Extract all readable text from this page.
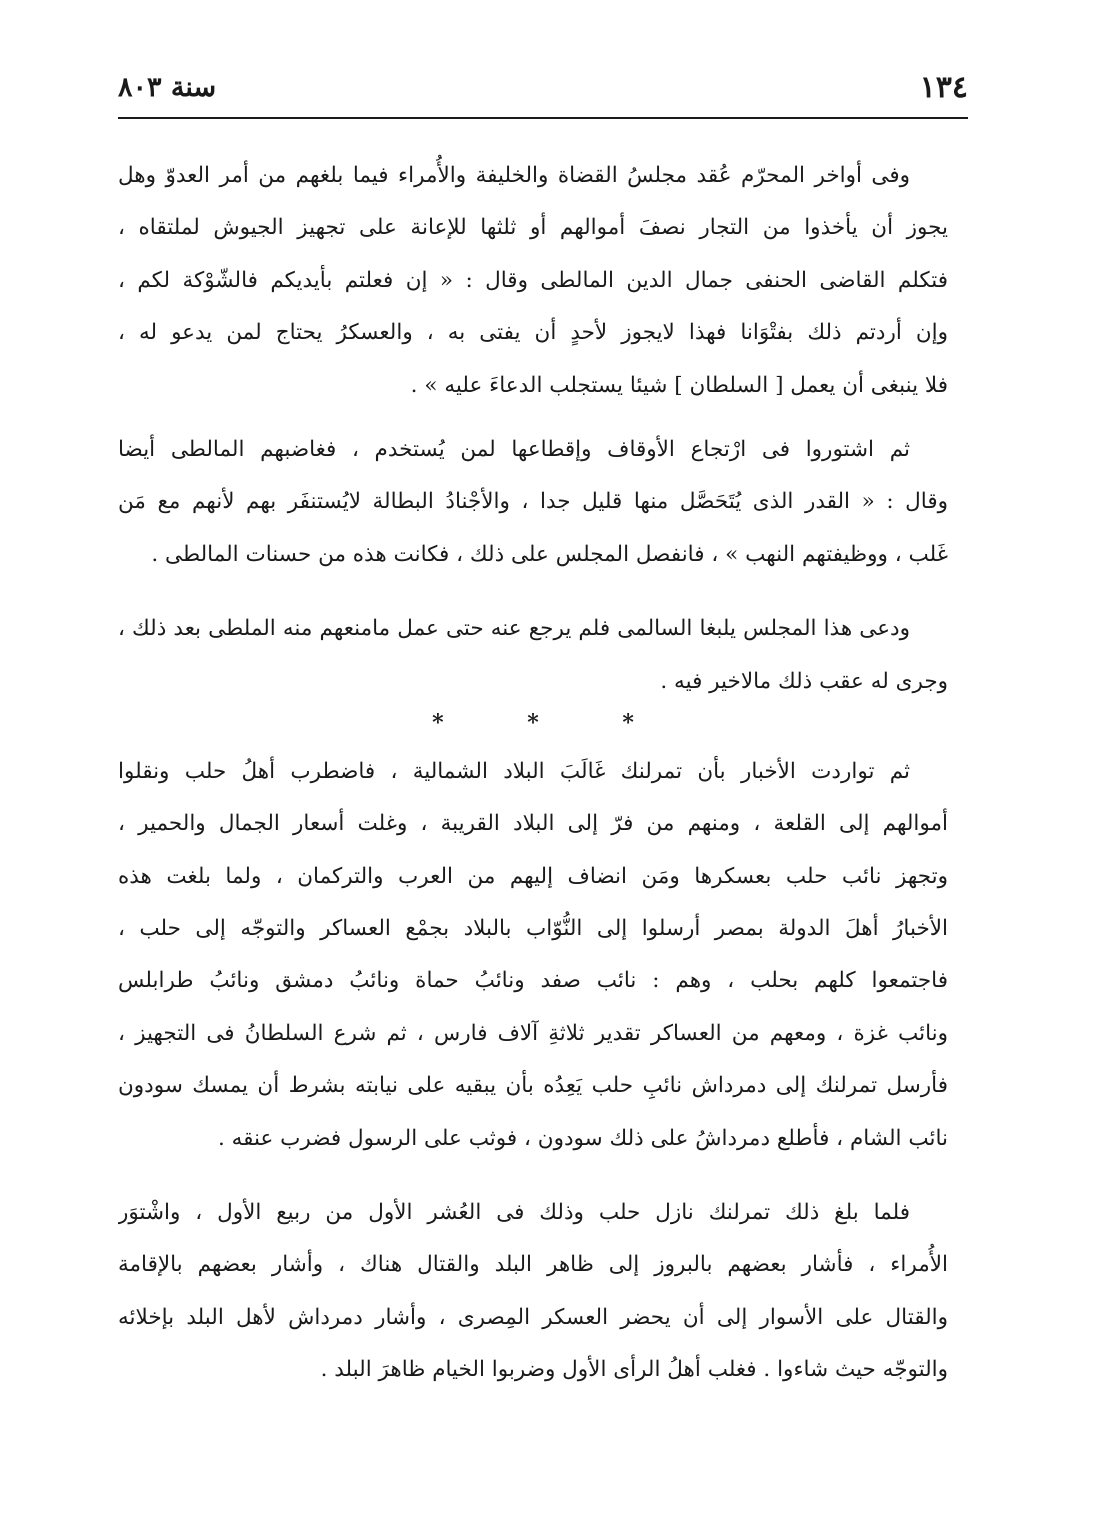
١٣٤
سنة ٨٠٣
وفى أواخر المحرّم عُقد مجلسُ القضاة والخليفة والأُمراء فيما بلغهم من أمر العدوّ وهل
يجوز أن يأخذوا من التجار نصفَ أموالهم أو ثلثها للإعانة على تجهيز الجيوش لملتقاه ،
فتكلم القاضى الحنفى جمال الدين المالطى وقال : « إن فعلتم بأيديكم فالشّوْكة لكم ،
وإن أردتم ذلك بفتْوَانا فهذا لايجوز لأحدٍ أن يفتى به ، والعسكرُ يحتاج لمن يدعو له ،
فلا ينبغى أن يعمل [ السلطان ] شيئا يستجلب الدعاءَ عليه » .
ثم اشتوروا فى ارْتجاع الأوقاف وإقطاعها لمن يُستخدم ، فغاضبهم المالطى أيضا
وقال : « القدر الذى يُتَحَصَّل منها قليل جدا ، والأجْنادُ البطالة لايُستنفَر بهم لأنهم مع مَن
غَلب ، ووظيفتهم النهب » ، فانفصل المجلس على ذلك ، فكانت هذه من حسنات المالطى .
ودعى هذا المجلس يلبغا السالمى فلم يرجع عنه حتى عمل مامنعهم منه الملطى بعد ذلك ،
وجرى له عقب ذلك مالاخير فيه .
* * *
ثم تواردت الأخبار بأن تمرلنك غَالَبَ البلاد الشمالية ، فاضطرب أهلُ حلب ونقلوا
أموالهم إلى القلعة ، ومنهم من فرّ إلى البلاد القريبة ، وغلت أسعار الجمال والحمير ،
وتجهز نائب حلب بعسكرها ومَن انضاف إليهم من العرب والتركمان ، ولما بلغت هذه
الأخبارُ أهلَ الدولة بمصر أرسلوا إلى النُّوّاب بالبلاد بجمْع العساكر والتوجّه إلى حلب ،
فاجتمعوا كلهم بحلب ، وهم : نائب صفد ونائبُ حماة ونائبُ دمشق ونائبُ طرابلس
ونائب غزة ، ومعهم من العساكر تقدير ثلاثةِ آلاف فارس ، ثم شرع السلطانُ فى التجهيز ،
فأرسل تمرلنك إلى دمرداش نائبِ حلب يَعِدُه بأن يبقيه على نيابته بشرط أن يمسك سودون
نائب الشام ، فأطلع دمرداشُ على ذلك سودون ، فوثب على الرسول فضرب عنقه .
فلما بلغ ذلك تمرلنك نازل حلب وذلك فى العُشر الأول من ربيع الأول ، واشْتوَر
الأُمراء ، فأشار بعضهم بالبروز إلى ظاهر البلد والقتال هناك ، وأشار بعضهم بالإقامة
والقتال على الأسوار إلى أن يحضر العسكر المِصرى ، وأشار دمرداش لأهل البلد بإخلائه
والتوجّه حيث شاءوا . فغلب أهلُ الرأى الأول وضربوا الخيام ظاهرَ البلد .
